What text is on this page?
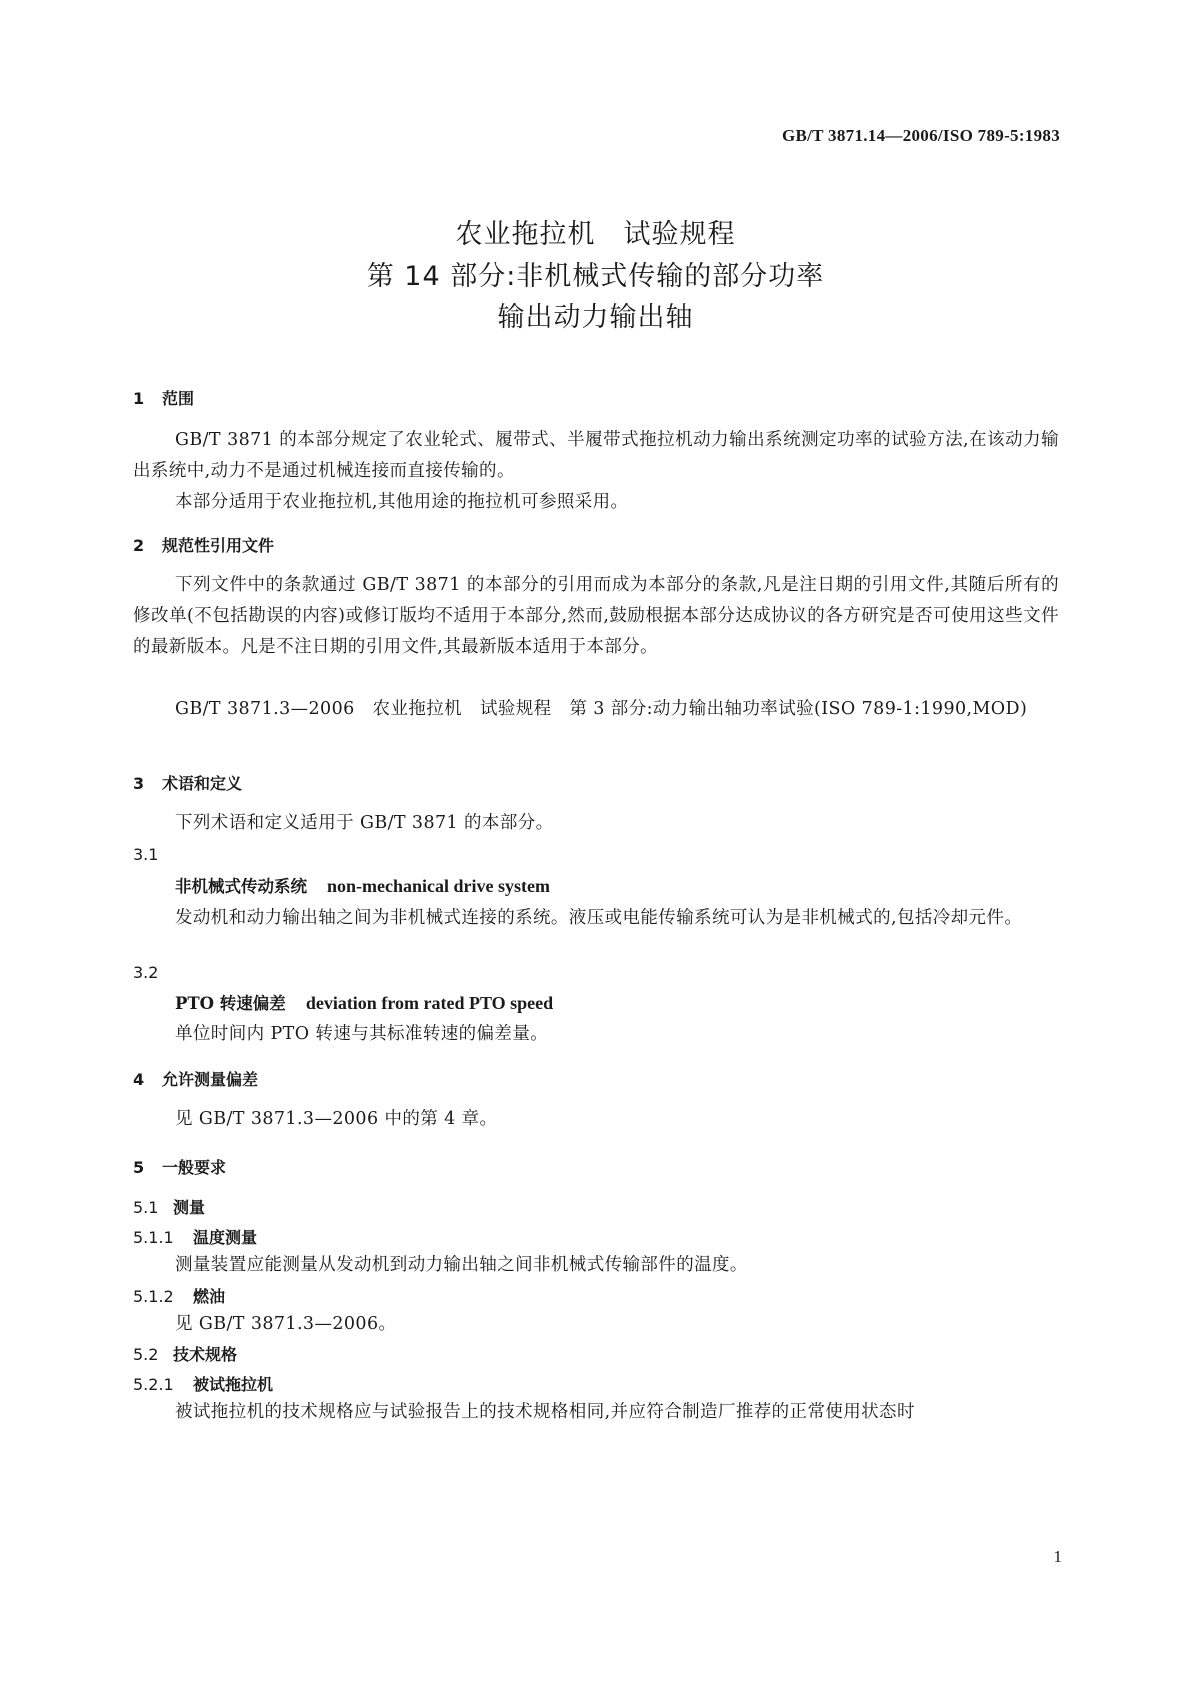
GB/T 3871.14—2006/ISO 789-5:1983
农业拖拉机　试验规程
第 14 部分:非机械式传输的部分功率
输出动力输出轴
1 范围
GB/T 3871 的本部分规定了农业轮式、履带式、半履带式拖拉机动力输出系统测定功率的试验方法,在该动力输出系统中,动力不是通过机械连接而直接传输的。
本部分适用于农业拖拉机,其他用途的拖拉机可参照采用。
2 规范性引用文件
下列文件中的条款通过 GB/T 3871 的本部分的引用而成为本部分的条款,凡是注日期的引用文件,其随后所有的修改单(不包括勘误的内容)或修订版均不适用于本部分,然而,鼓励根据本部分达成协议的各方研究是否可使用这些文件的最新版本。凡是不注日期的引用文件,其最新版本适用于本部分。
GB/T 3871.3—2006　农业拖拉机　试验规程　第 3 部分:动力输出轴功率试验(ISO 789-1:1990,MOD)
3 术语和定义
下列术语和定义适用于 GB/T 3871 的本部分。
3.1
非机械式传动系统 non-mechanical drive system
发动机和动力输出轴之间为非机械式连接的系统。液压或电能传输系统可认为是非机械式的,包括冷却元件。
3.2
PTO 转速偏差 deviation from rated PTO speed
单位时间内 PTO 转速与其标准转速的偏差量。
4 允许测量偏差
见 GB/T 3871.3—2006 中的第 4 章。
5 一般要求
5.1 测量
5.1.1 温度测量
测量装置应能测量从发动机到动力输出轴之间非机械式传输部件的温度。
5.1.2 燃油
见 GB/T 3871.3—2006。
5.2 技术规格
5.2.1 被试拖拉机
被试拖拉机的技术规格应与试验报告上的技术规格相同,并应符合制造厂推荐的正常使用状态时
1
